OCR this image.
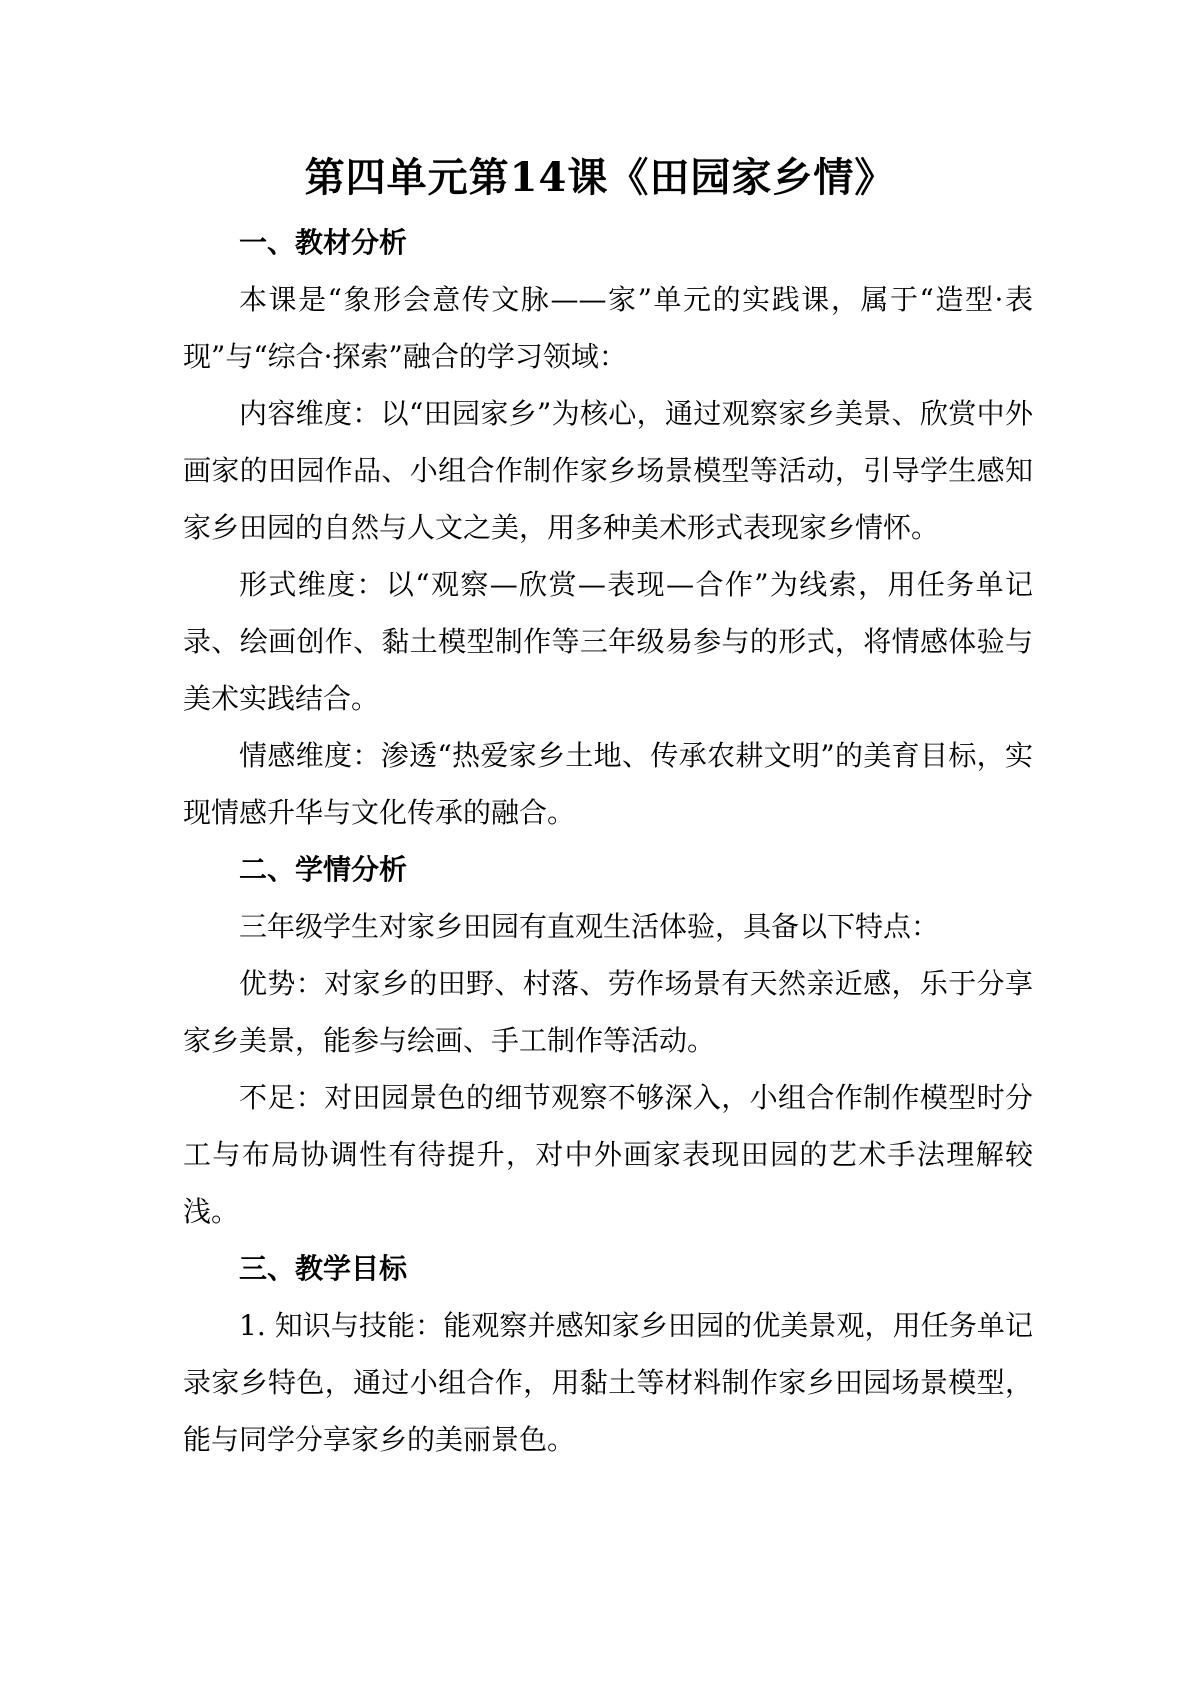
第四单元第14课《田园家乡情》

一、教材分析

本课是“象形会意传文脉——家”单元的实践课，属于“造型·表现”与“综合·探索”融合的学习领域：

内容维度：以“田园家乡”为核心，通过观察家乡美景、欣赏中外画家的田园作品、小组合作制作家乡场景模型等活动，引导学生感知家乡田园的自然与人文之美，用多种美术形式表现家乡情怀。

形式维度：以“观察—欣赏—表现—合作”为线索，用任务单记录、绘画创作、黏土模型制作等三年级易参与的形式，将情感体验与美术实践结合。

情感维度：渗透“热爱家乡土地、传承农耕文明”的美育目标，实现情感升华与文化传承的融合。

二、学情分析

三年级学生对家乡田园有直观生活体验，具备以下特点：

优势：对家乡的田野、村落、劳作场景有天然亲近感，乐于分享家乡美景，能参与绘画、手工制作等活动。

不足：对田园景色的细节观察不够深入，小组合作制作模型时分工与布局协调性有待提升，对中外画家表现田园的艺术手法理解较浅。

三、教学目标

1. 知识与技能：能观察并感知家乡田园的优美景观，用任务单记录家乡特色，通过小组合作，用黏土等材料制作家乡田园场景模型，能与同学分享家乡的美丽景色。
